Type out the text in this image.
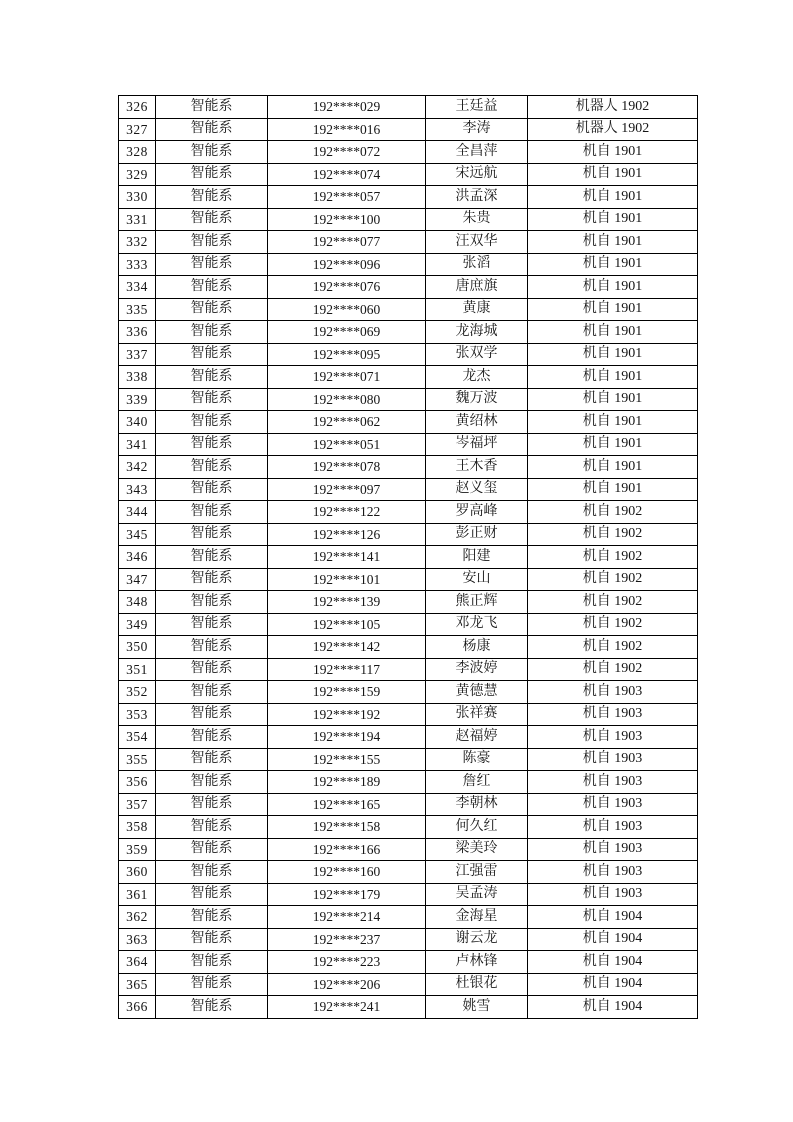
326	智能系	192****029	王廷益	机器人 1902
327	智能系	192****016	李涛	机器人 1902
328	智能系	192****072	全昌萍	机自 1901
329	智能系	192****074	宋远航	机自 1901
330	智能系	192****057	洪孟深	机自 1901
331	智能系	192****100	朱贵	机自 1901
332	智能系	192****077	汪双华	机自 1901
333	智能系	192****096	张滔	机自 1901
334	智能系	192****076	唐庶旗	机自 1901
335	智能系	192****060	黄康	机自 1901
336	智能系	192****069	龙海城	机自 1901
337	智能系	192****095	张双学	机自 1901
338	智能系	192****071	龙杰	机自 1901
339	智能系	192****080	魏万波	机自 1901
340	智能系	192****062	黄绍林	机自 1901
341	智能系	192****051	岑福坪	机自 1901
342	智能系	192****078	王木香	机自 1901
343	智能系	192****097	赵义玺	机自 1901
344	智能系	192****122	罗高峰	机自 1902
345	智能系	192****126	彭正财	机自 1902
346	智能系	192****141	阳建	机自 1902
347	智能系	192****101	安山	机自 1902
348	智能系	192****139	熊正辉	机自 1902
349	智能系	192****105	邓龙飞	机自 1902
350	智能系	192****142	杨康	机自 1902
351	智能系	192****117	李波婷	机自 1902
352	智能系	192****159	黄德慧	机自 1903
353	智能系	192****192	张祥赛	机自 1903
354	智能系	192****194	赵福婷	机自 1903
355	智能系	192****155	陈豪	机自 1903
356	智能系	192****189	詹红	机自 1903
357	智能系	192****165	李朝林	机自 1903
358	智能系	192****158	何久红	机自 1903
359	智能系	192****166	梁美玲	机自 1903
360	智能系	192****160	江强雷	机自 1903
361	智能系	192****179	吴孟涛	机自 1903
362	智能系	192****214	金海星	机自 1904
363	智能系	192****237	谢云龙	机自 1904
364	智能系	192****223	卢林锋	机自 1904
365	智能系	192****206	杜银花	机自 1904
366	智能系	192****241	姚雪	机自 1904
